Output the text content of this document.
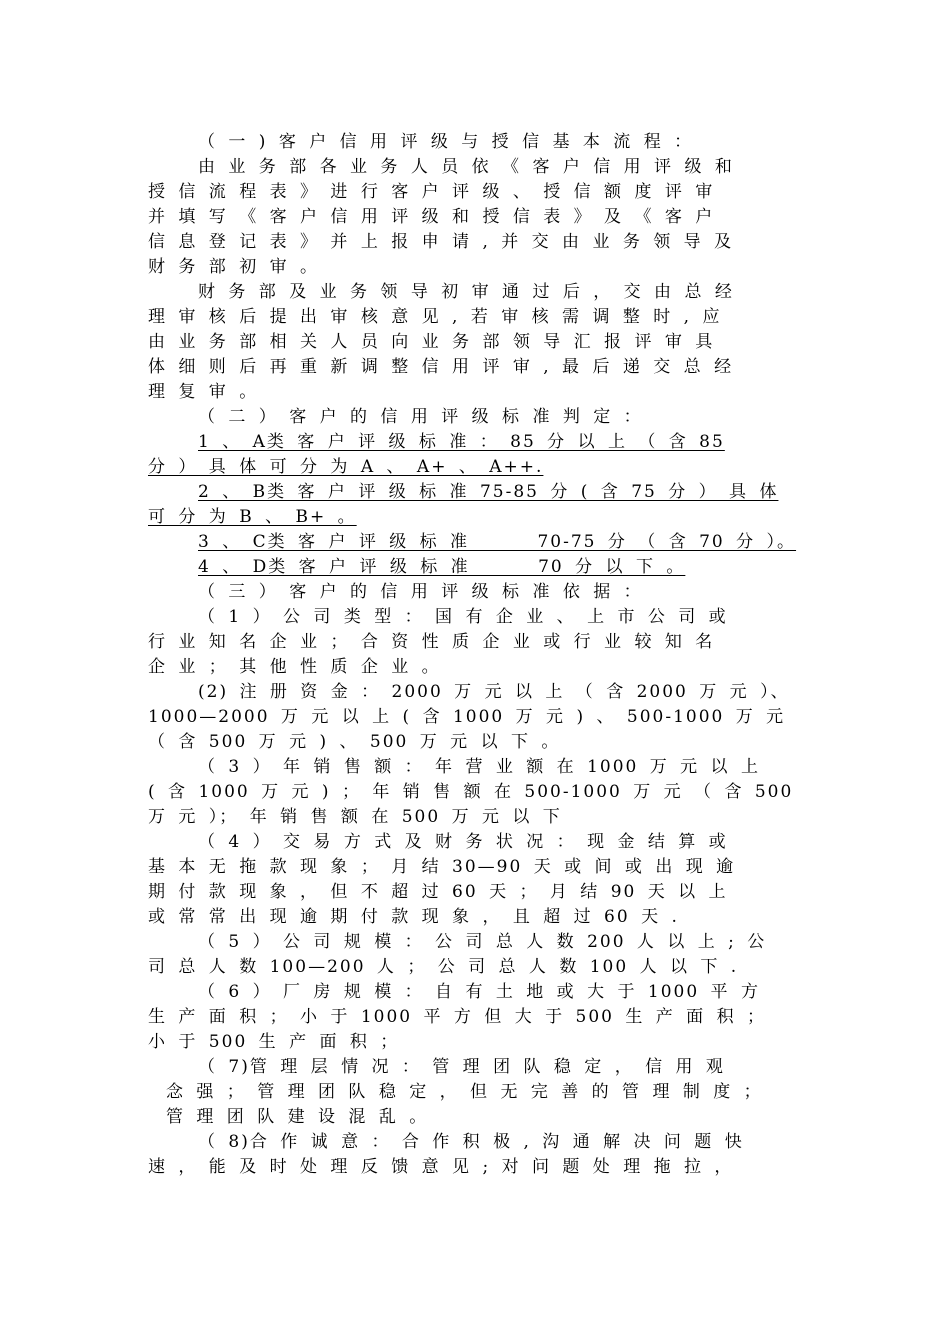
（ 一 ) 客 户 信 用 评 级 与 授 信 基 本 流 程 ：
由 业 务 部 各 业 务 人 员 依 《 客 户 信 用 评 级 和
授 信 流 程 表 》 进 行 客 户 评 级 、 授 信 额 度 评 审
并 填 写 《 客 户 信 用 评 级 和 授 信 表 》 及 《 客 户
信 息 登 记 表 》 并 上 报 申 请 , 并 交 由 业 务 领 导 及
财 务 部 初 审 。
财 务 部 及 业 务 领 导 初 审 通 过 后 ， 交 由 总 经
理 审 核 后 提 出 审 核 意 见 , 若 审 核 需 调 整 时 , 应
由 业 务 部 相 关 人 员 向 业 务 部 领 导 汇 报 评 审 具
体 细 则 后 再 重 新 调 整 信 用 评 审 , 最 后 递 交 总 经
理 复 审 。
（ 二 ） 客 户 的 信 用 评 级 标 准 判 定 ：
1 、 A类 客 户 评 级 标 准 ： 85 分 以 上 （ 含 85
分 ） 具 体 可 分 为 A 、 A+ 、 A++.
2 、 B类 客 户 评 级 标 准 75-85 分 ( 含 75 分 ） 具 体
可 分 为 B 、 B+ 。
3 、 C类 客 户 评 级 标 准      70-75 分 （ 含 70 分 ）。
4 、 D类 客 户 评 级 标 准      70 分 以 下 。
（ 三 ） 客 户 的 信 用 评 级 标 准 依 据 ：
（ 1 ） 公 司 类 型 ： 国 有 企 业 、 上 市 公 司 或
行 业 知 名 企 业 ； 合 资 性 质 企 业 或 行 业 较 知 名
企 业 ； 其 他 性 质 企 业 。
(2) 注 册 资 金 ： 2000 万 元 以 上 （ 含 2000 万 元 ）、
1000—2000 万 元 以 上 ( 含 1000 万 元 ) 、 500-1000 万 元
（ 含 500 万 元 ) 、 500 万 元 以 下 。
（ 3 ） 年 销 售 额 ： 年 营 业 额 在 1000 万 元 以 上
( 含 1000 万 元 ) ； 年 销 售 额 在 500-1000 万 元 （ 含 500
万 元 ）； 年 销 售 额 在 500 万 元 以 下
（ 4 ） 交 易 方 式 及 财 务 状 况 ： 现 金 结 算 或
基 本 无 拖 款 现 象 ； 月 结 30—90 天 或 间 或 出 现 逾
期 付 款 现 象 ， 但 不 超 过 60 天 ； 月 结 90 天 以 上
或 常 常 出 现 逾 期 付 款 现 象 ， 且 超 过 60 天 .
（ 5 ） 公 司 规 模 ： 公 司 总 人 数 200 人 以 上 ; 公
司 总 人 数 100—200 人 ； 公 司 总 人 数 100 人 以 下 .
（ 6 ） 厂 房 规 模 ： 自 有 土 地 或 大 于 1000 平 方
生 产 面 积 ； 小 于 1000 平 方 但 大 于 500 生 产 面 积 ；
小 于 500 生 产 面 积 ；
（ 7)管 理 层 情 况 ： 管 理 团 队 稳 定 ， 信 用 观
念 强 ； 管 理 团 队 稳 定 ， 但 无 完 善 的 管 理 制 度 ；
管 理 团 队 建 设 混 乱 。
（ 8)合 作 诚 意 ： 合 作 积 极 , 沟 通 解 决 问 题 快
速 ， 能 及 时 处 理 反 馈 意 见 ; 对 问 题 处 理 拖 拉 ，
